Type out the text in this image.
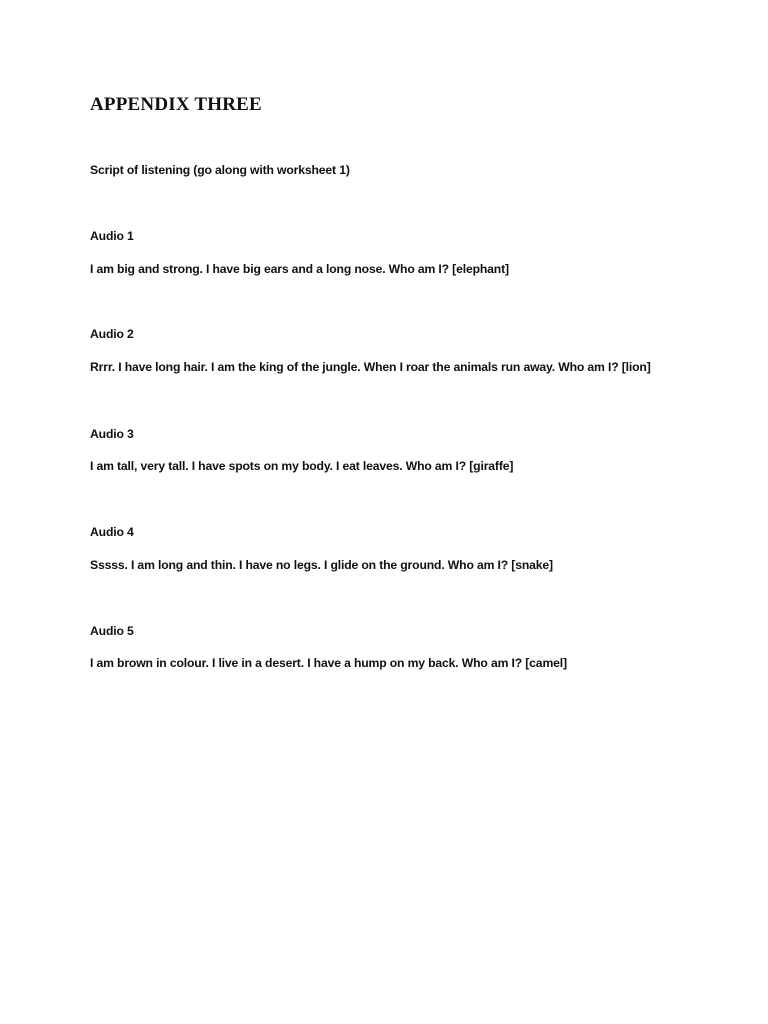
APPENDIX THREE

Script of listening (go along with worksheet 1)

Audio 1

I am big and strong. I have big ears and a long nose. Who am I? [elephant]

Audio 2

Rrrr. I have long hair. I am the king of the jungle. When I roar the animals run away. Who am I? [lion]

Audio 3

I am tall, very tall. I have spots on my body. I eat leaves. Who am I? [giraffe]

Audio 4

Sssss. I am long and thin. I have no legs. I glide on the ground. Who am I? [snake]

Audio 5

I am brown in colour. I live in a desert. I have a hump on my back. Who am I? [camel]
